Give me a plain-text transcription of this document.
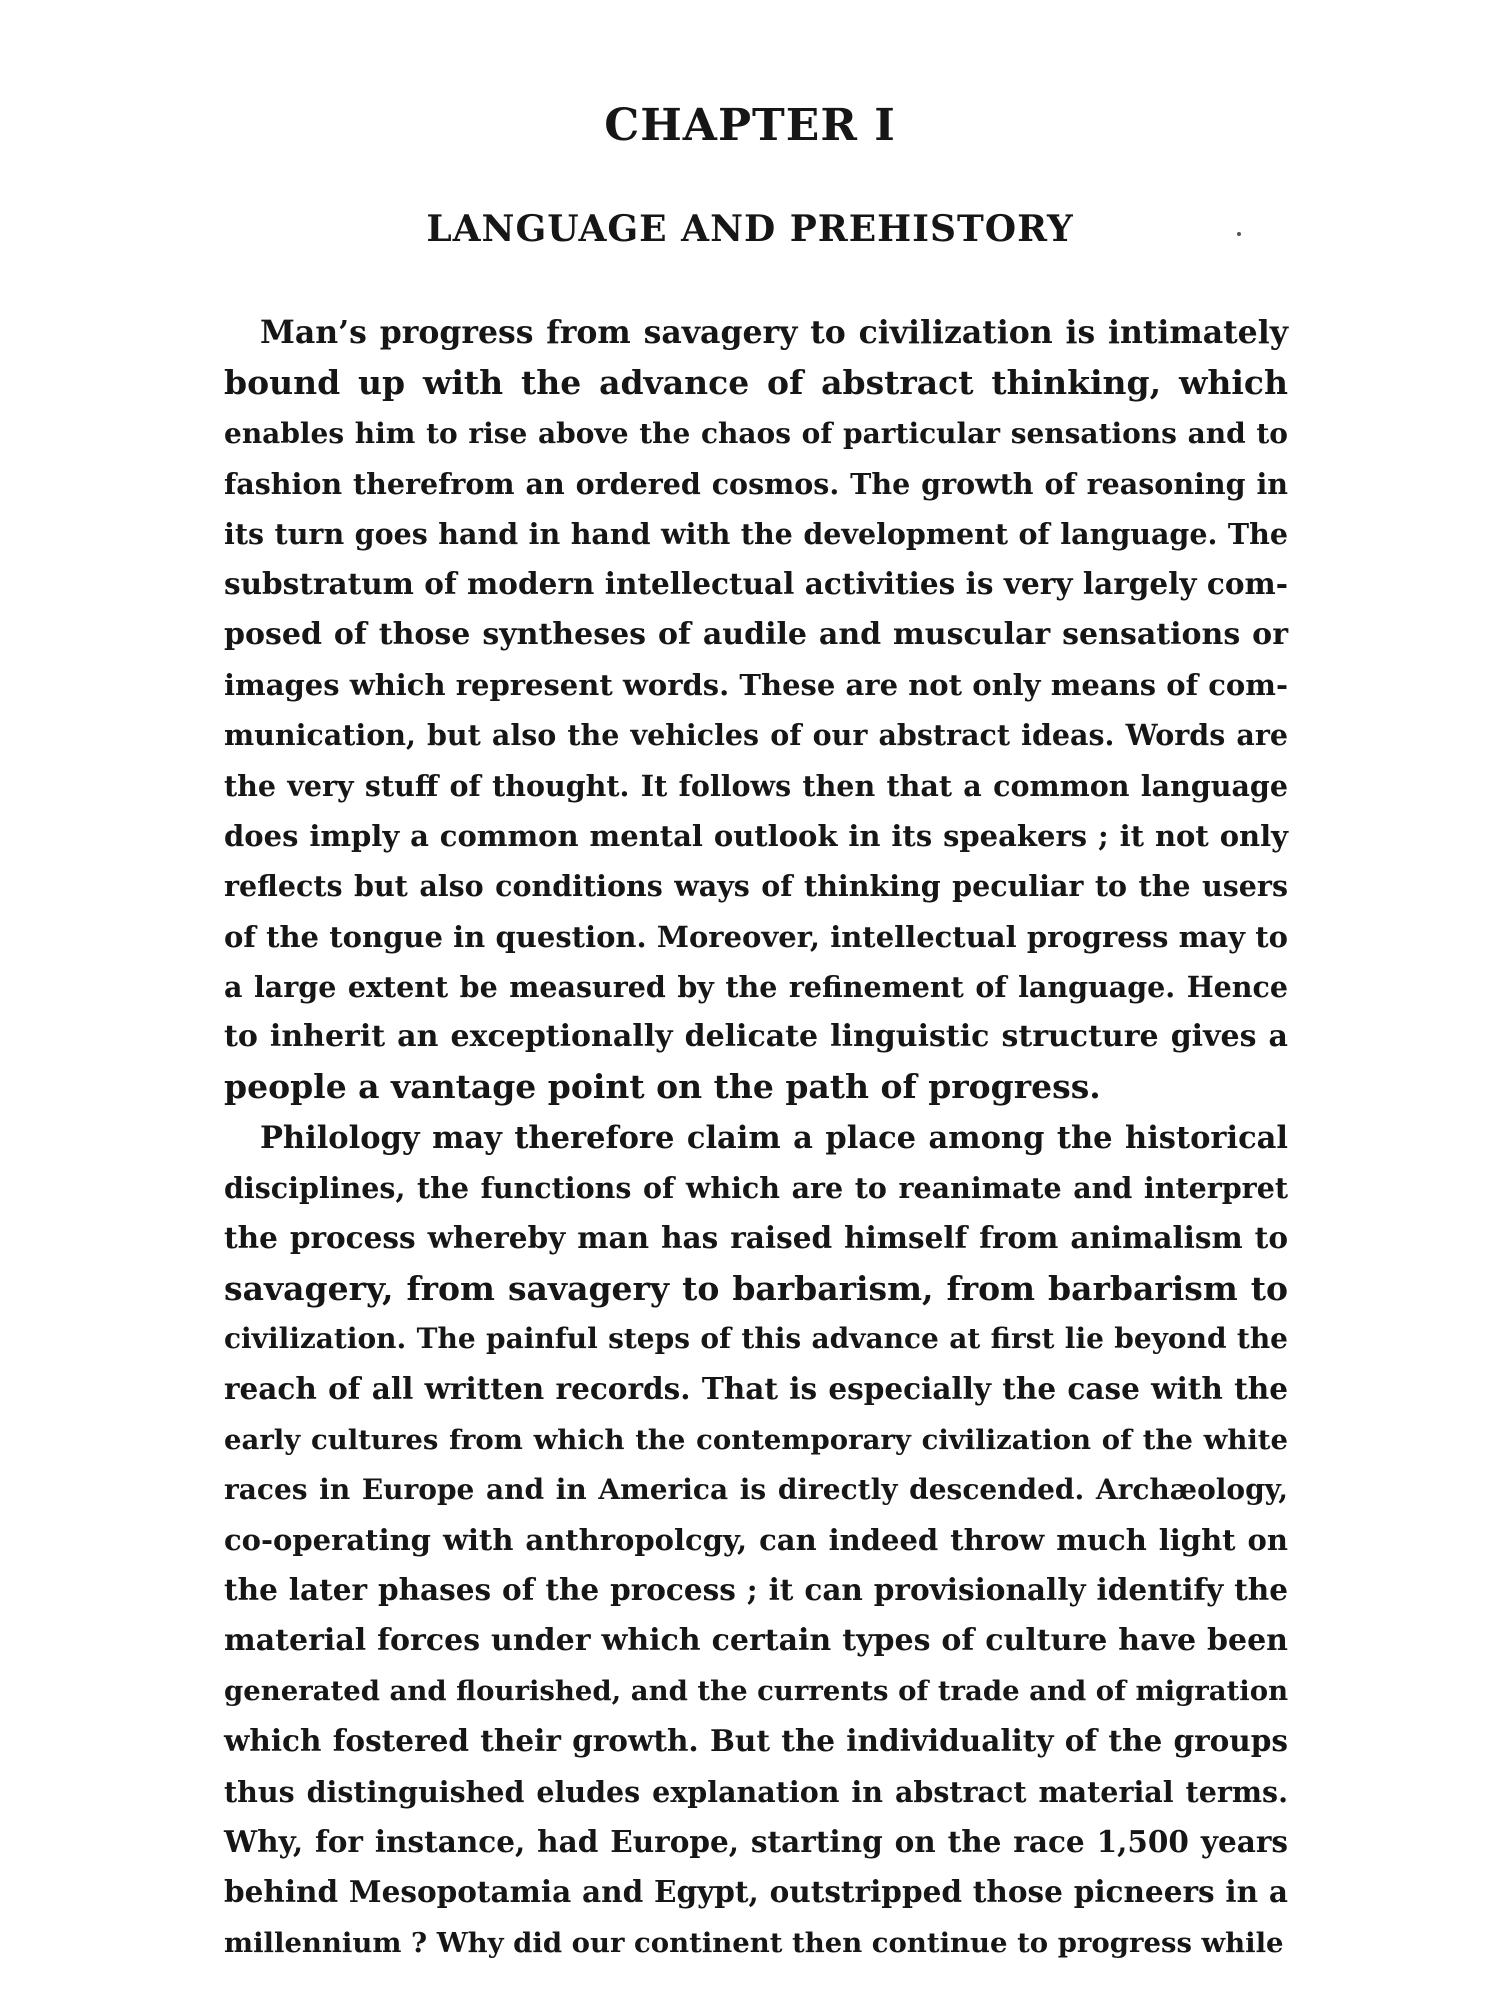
CHAPTER I
LANGUAGE AND PREHISTORY
Man’s progress from savagery to civilization is intimately
bound up with the advance of abstract thinking, which
enables him to rise above the chaos of particular sensations and to
fashion therefrom an ordered cosmos. The growth of reasoning in
its turn goes hand in hand with the development of language. The
substratum of modern intellectual activities is very largely com-
posed of those syntheses of audile and muscular sensations or
images which represent words. These are not only means of com-
munication, but also the vehicles of our abstract ideas. Words are
the very stuff of thought. It follows then that a common language
does imply a common mental outlook in its speakers ; it not only
reflects but also conditions ways of thinking peculiar to the users
of the tongue in question. Moreover, intellectual progress may to
a large extent be measured by the refinement of language. Hence
to inherit an exceptionally delicate linguistic structure gives a
people a vantage point on the path of progress.
Philology may therefore claim a place among the historical
disciplines, the functions of which are to reanimate and interpret
the process whereby man has raised himself from animalism to
savagery, from savagery to barbarism, from barbarism to
civilization. The painful steps of this advance at first lie beyond the
reach of all written records. That is especially the case with the
early cultures from which the contemporary civilization of the white
races in Europe and in America is directly descended. Archæology,
co-operating with anthropolcgy, can indeed throw much light on
the later phases of the process ; it can provisionally identify the
material forces under which certain types of culture have been
generated and flourished, and the currents of trade and of migration
which fostered their growth. But the individuality of the groups
thus distinguished eludes explanation in abstract material terms.
Why, for instance, had Europe, starting on the race 1,500 years
behind Mesopotamia and Egypt, outstripped those picneers in a
millennium ? Why did our continent then continue to progress while
